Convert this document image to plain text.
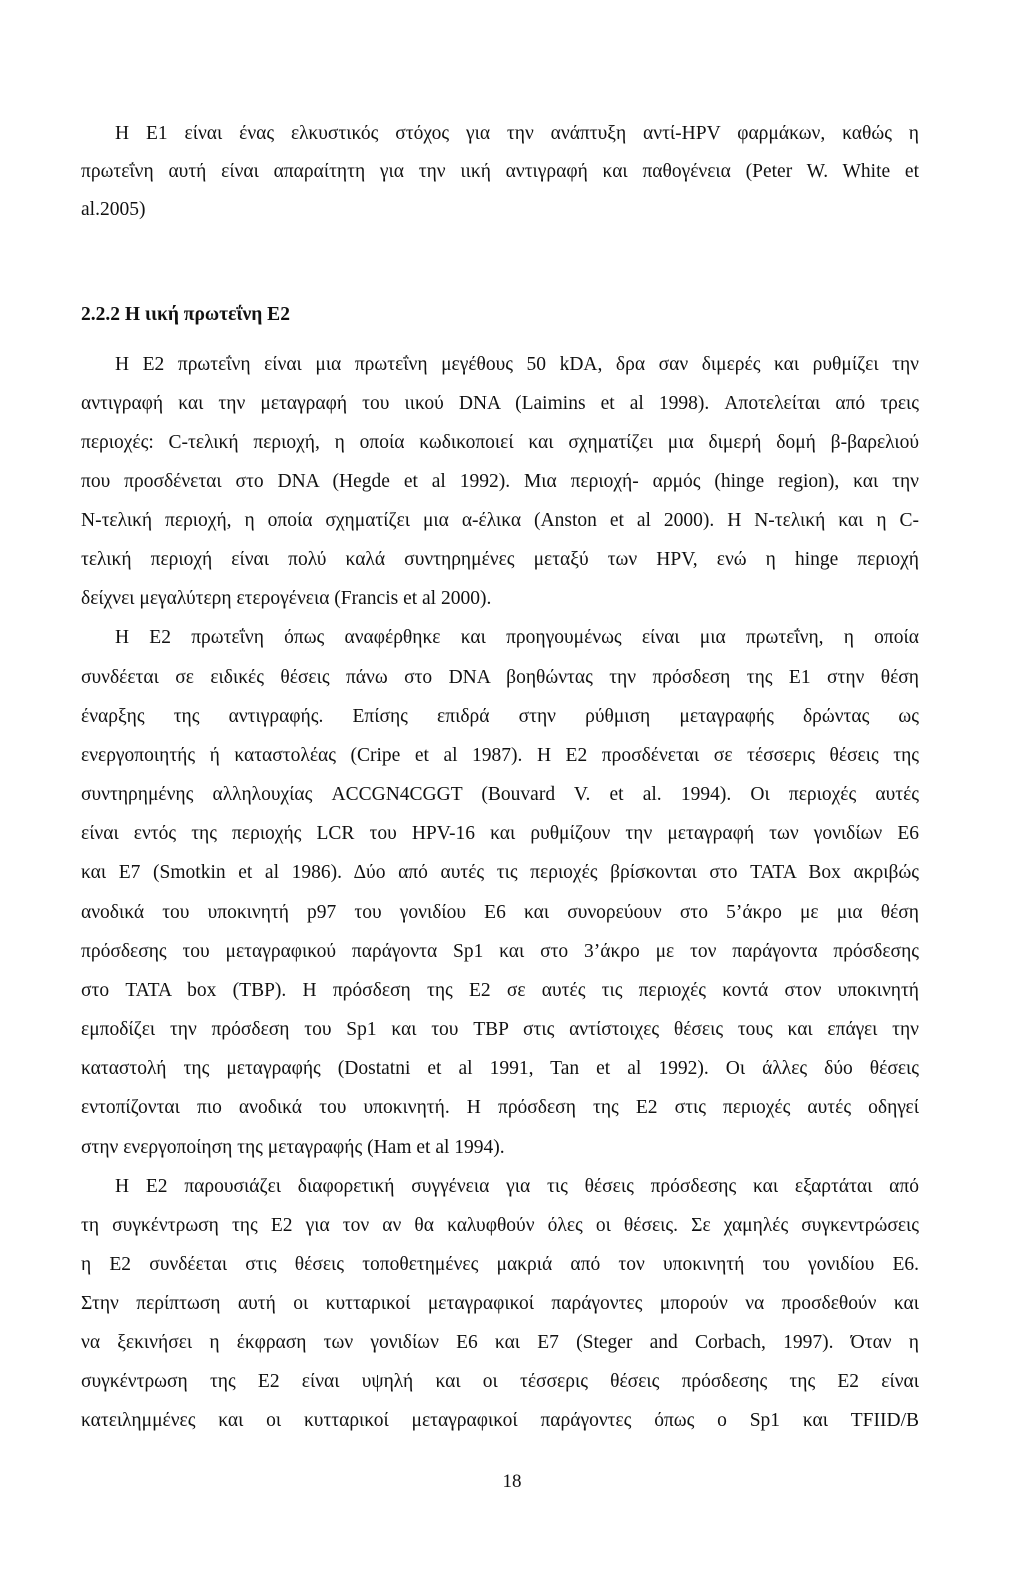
Η Ε1 είναι ένας ελκυστικός στόχος για την ανάπτυξη αντί-HPV φαρμάκων, καθώς η
πρωτεΐνη αυτή είναι απαραίτητη για την ιική αντιγραφή και παθογένεια (Peter W. White et
al.2005)
2.2.2 Η ιική πρωτεΐνη Ε2
Η Ε2 πρωτεΐνη είναι μια πρωτεΐνη μεγέθους 50 kDA, δρα σαν διμερές και ρυθμίζει την
αντιγραφή και την μεταγραφή του ιικού DNA (Laimins et al 1998). Αποτελείται από τρεις
περιοχές: C-τελική περιοχή, η οποία κωδικοποιεί και σχηματίζει μια διμερή δομή β-βαρελιού
που προσδένεται στο DNA (Hegde et al 1992). Μια περιοχή- αρμός (hinge region), και την
Ν-τελική περιοχή, η οποία σχηματίζει μια α-έλικα (Anston et al 2000). Η Ν-τελική και η C-
τελική περιοχή είναι πολύ καλά συντηρημένες μεταξύ των HPV, ενώ η hinge περιοχή
δείχνει μεγαλύτερη ετερογένεια (Francis et al 2000).
Η Ε2 πρωτεΐνη όπως αναφέρθηκε και προηγουμένως είναι μια πρωτεΐνη, η οποία
συνδέεται σε ειδικές θέσεις πάνω στο DNA βοηθώντας την πρόσδεση της Ε1 στην θέση
έναρξης της αντιγραφής. Επίσης επιδρά στην ρύθμιση μεταγραφής δρώντας ως
ενεργοποιητής ή καταστολέας (Cripe et al 1987). Η Ε2 προσδένεται σε τέσσερις θέσεις της
συντηρημένης αλληλουχίας ACCGN4CGGT (Bouvard V. et al. 1994). Οι περιοχές αυτές
είναι εντός της περιοχής LCR του HPV-16 και ρυθμίζουν την μεταγραφή των γονιδίων Ε6
και Ε7 (Smotkin et al 1986). Δύο από αυτές τις περιοχές βρίσκονται στο TATA Box ακριβώς
ανοδικά του υποκινητή p97 του γονιδίου Ε6 και συνορεύουν στο 5’άκρο με μια θέση
πρόσδεσης του μεταγραφικού παράγοντα Sp1 και στο 3’άκρο με τον παράγοντα πρόσδεσης
στο TATA box (TBP). Η πρόσδεση της Ε2 σε αυτές τις περιοχές κοντά στον υποκινητή
εμποδίζει την πρόσδεση του Sp1 και του TBP στις αντίστοιχες θέσεις τους και επάγει την
καταστολή της μεταγραφής (Dostatni et al 1991, Tan et al 1992). Οι άλλες δύο θέσεις
εντοπίζονται πιο ανοδικά του υποκινητή. Η πρόσδεση της Ε2 στις περιοχές αυτές οδηγεί
στην ενεργοποίηση της μεταγραφής (Ham et al 1994).
Η Ε2 παρουσιάζει διαφορετική συγγένεια για τις θέσεις πρόσδεσης και εξαρτάται από
τη συγκέντρωση της Ε2 για τον αν θα καλυφθούν όλες οι θέσεις. Σε χαμηλές συγκεντρώσεις
η Ε2 συνδέεται στις θέσεις τοποθετημένες μακριά από τον υποκινητή του γονιδίου Ε6.
Στην περίπτωση αυτή οι κυτταρικοί μεταγραφικοί παράγοντες μπορούν να προσδεθούν και
να ξεκινήσει η έκφραση των γονιδίων Ε6 και Ε7 (Steger and Corbach, 1997). Όταν η
συγκέντρωση της Ε2 είναι υψηλή και οι τέσσερις θέσεις πρόσδεσης της Ε2 είναι
κατειλημμένες και οι κυτταρικοί μεταγραφικοί παράγοντες όπως ο Sp1 και TFIID/B
18
